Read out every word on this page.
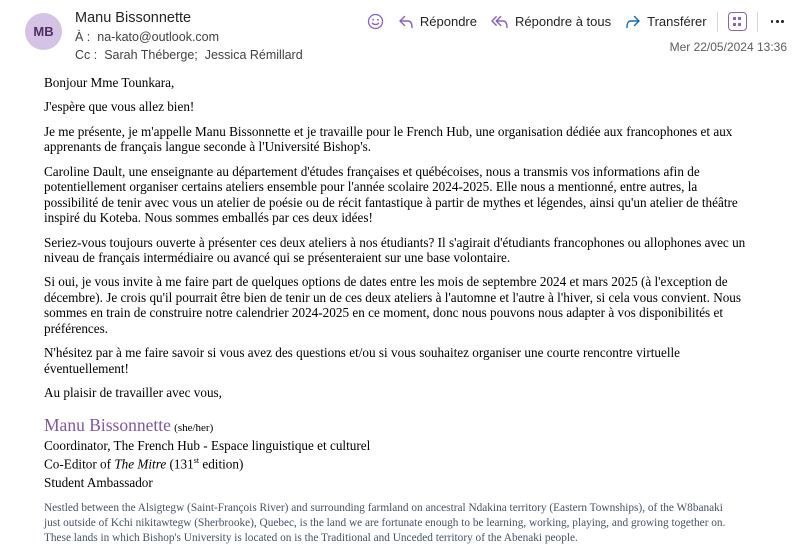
MB
Manu Bissonnette
À : na-kato@outlook.com
Cc : Sarah Théberge;  Jessica Rémillard
Répondre	Répondre à tous	Transférer
Mer 22/05/2024 13:36

Bonjour Mme Tounkara,

J'espère que vous allez bien!

Je me présente, je m'appelle Manu Bissonnette et je travaille pour le French Hub, une organisation dédiée aux francophones et aux apprenants de français langue seconde à l'Université Bishop's.

Caroline Dault, une enseignante au département d'études françaises et québécoises, nous a transmis vos informations afin de potentiellement organiser certains ateliers ensemble pour l'année scolaire 2024-2025. Elle nous a mentionné, entre autres, la possibilité de tenir avec vous un atelier de poésie ou de récit fantastique à partir de mythes et légendes, ainsi qu'un atelier de théâtre inspiré du Koteba. Nous sommes emballés par ces deux idées!

Seriez-vous toujours ouverte à présenter ces deux ateliers à nos étudiants? Il s'agirait d'étudiants francophones ou allophones avec un niveau de français intermédiaire ou avancé qui se présenteraient sur une base volontaire.

Si oui, je vous invite à me faire part de quelques options de dates entre les mois de septembre 2024 et mars 2025 (à l'exception de décembre). Je crois qu'il pourrait être bien de tenir un de ces deux ateliers à l'automne et l'autre à l'hiver, si cela vous convient. Nous sommes en train de construire notre calendrier 2024-2025 en ce moment, donc nous pouvons nous adapter à vos disponibilités et préférences.

N'hésitez par à me faire savoir si vous avez des questions et/ou si vous souhaitez organiser une courte rencontre virtuelle éventuellement!

Au plaisir de travailler avec vous,

Manu Bissonnette (she/her)
Coordinator, The French Hub - Espace linguistique et culturel
Co-Editor of The Mitre (131st edition)
Student Ambassador
Nestled between the Alsigtegw (Saint-François River) and surrounding farmland on ancestral Ndakina territory (Eastern Townships), of the W8banaki just outside of Kchi nikitawtegw (Sherbrooke), Quebec, is the land we are fortunate enough to be learning, working, playing, and growing together on. These lands in which Bishop's University is located on is the Traditional and Unceded territory of the Abenaki people.
